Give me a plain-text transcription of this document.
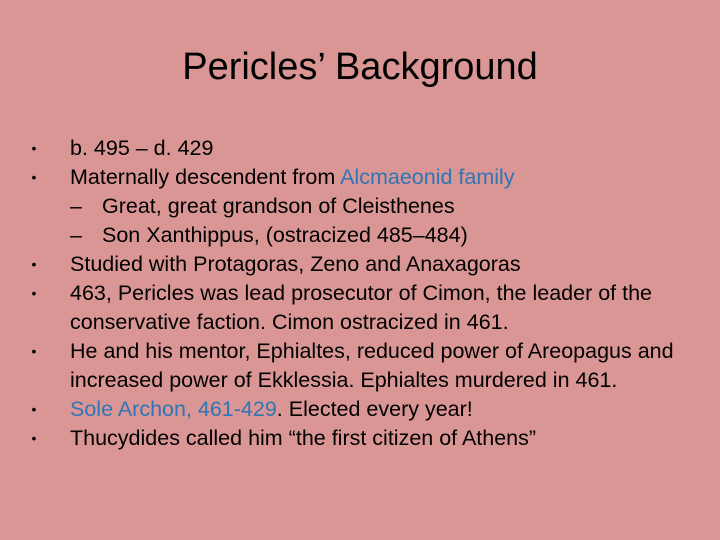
Pericles’ Background
• b. 495 – d. 429
• Maternally descendent from Alcmaeonid family
– Great, great grandson of Cleisthenes
– Son Xanthippus, (ostracized 485–484)
• Studied with Protagoras, Zeno and Anaxagoras
• 463, Pericles was lead prosecutor of Cimon, the leader of the conservative faction. Cimon ostracized in 461.
• He and his mentor, Ephialtes, reduced power of Areopagus and increased power of Ekklessia. Ephialtes murdered in 461.
• Sole Archon, 461-429. Elected every year!
• Thucydides called him “the first citizen of Athens”
